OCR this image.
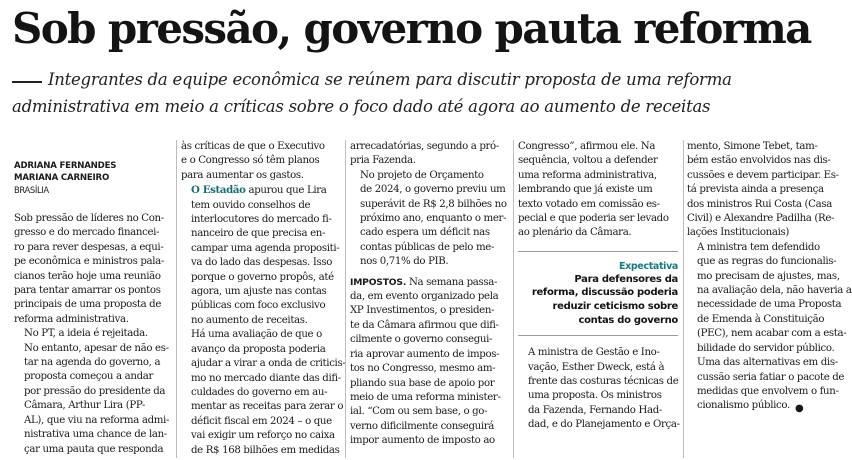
Sob pressão, governo pauta reforma
Integrantes da equipe econômica se reúnem para discutir proposta de uma reforma
administrativa em meio a críticas sobre o foco dado até agora ao aumento de receitas
ADRIANA FERNANDES
MARIANA CARNEIRO
BRASÍLIA

Sob pressão de líderes no Con-
gresso e do mercado financei-
ro para rever despesas, a equi-
pe econômica e ministros pala-
cianos terão hoje uma reunião
para tentar amarrar os pontos
principais de uma proposta de
reforma administrativa.

No PT, a ideia é rejeitada.

No entanto, apesar de não es-
tar na agenda do governo, a
proposta começou a andar
por pressão do presidente da
Câmara, Arthur Lira (PP-
AL), que viu na reforma admi-
nistrativa uma chance de lan-
çar uma pauta que responda

às críticas de que o Executivo
e o Congresso só têm planos
para aumentar os gastos.

O Estadão apurou que Lira
tem ouvido conselhos de
interlocutores do mercado fi-
nanceiro de que precisa en-
campar uma agenda propositi-
va do lado das despesas. Isso
porque o governo propôs, até
agora, um ajuste nas contas
públicas com foco exclusivo
no aumento de receitas.

Há uma avaliação de que o
avanço da proposta poderia
ajudar a virar a onda de criticis-
mo no mercado diante das difi-
culdades do governo em au-
mentar as receitas para zerar o
déficit fiscal em 2024 – o que
vai exigir um reforço no caixa
de R$ 168 bilhões em medidas

arrecadatórias, segundo a pró-
pria Fazenda.

No projeto de Orçamento
de 2024, o governo previu um
superávit de R$ 2,8 bilhões no
próximo ano, enquanto o mer-
cado espera um déficit nas
contas públicas de pelo me-
nos 0,71% do PIB.

IMPOSTOS. Na semana passa-
da, em evento organizado pela
XP Investimentos, o presiden-
te da Câmara afirmou que difi-
cilmente o governo consegui-
ria aprovar aumento de impos-
tos no Congresso, mesmo am-
pliando sua base de apoio por
meio de uma reforma minister-
ial. “Com ou sem base, o go-
verno dificilmente conseguirá
impor aumento de imposto ao

Congresso”, afirmou ele. Na
sequência, voltou a defender
uma reforma administrativa,
lembrando que já existe um
texto votado em comissão es-
pecial e que poderia ser levado
ao plenário da Câmara.

Expectativa
Para defensores da
reforma, discussão poderia
reduzir ceticismo sobre
contas do governo

A ministra de Gestão e Ino-
vação, Esther Dweck, está à
frente das costuras técnicas de
uma proposta. Os ministros
da Fazenda, Fernando Had-
dad, e do Planejamento e Orça-

mento, Simone Tebet, tam-
bém estão envolvidos nas dis-
cussões e devem participar. Es-
tá prevista ainda a presença
dos ministros Rui Costa (Casa
Civil) e Alexandre Padilha (Re-
lações Institucionais)

A ministra tem defendido
que as regras do funcionalis-
mo precisam de ajustes, mas,
na avaliação dela, não haveria a
necessidade de uma Proposta
de Emenda à Constituição
(PEC), nem acabar com a esta-
bilidade do servidor público.
Uma das alternativas em dis-
cussão seria fatiar o pacote de
medidas que envolvem o fun-
cionalismo público. ●
